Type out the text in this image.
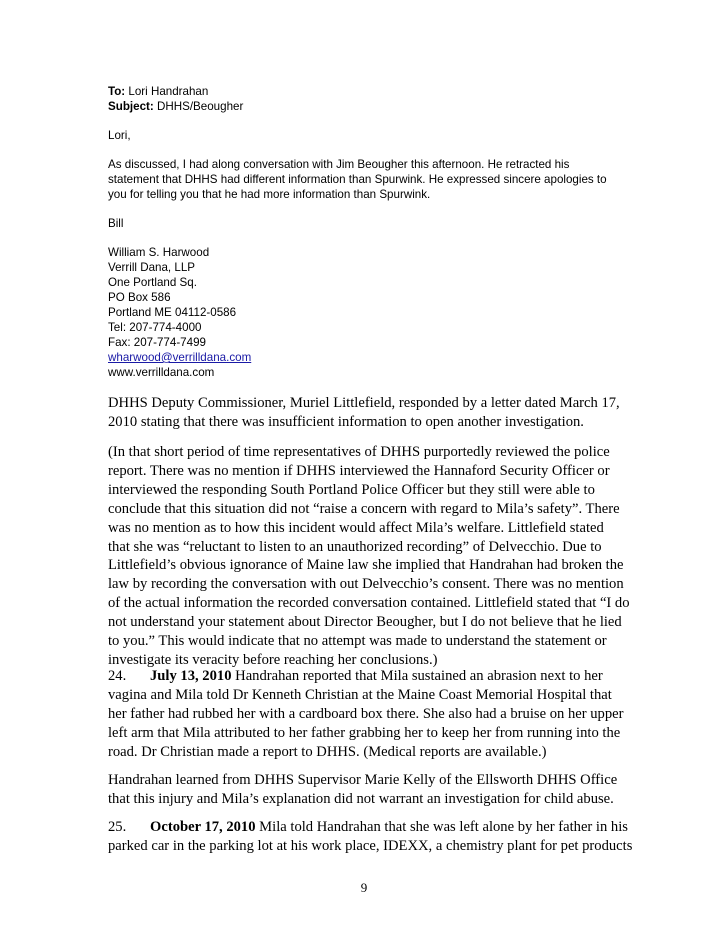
To: Lori Handrahan

Subject: DHHS/Beougher

Lori,

As discussed, I had along conversation with Jim Beougher this afternoon. He retracted his

statement that DHHS had different information than Spurwink. He expressed sincere apologies to

you for telling you that he had more information than Spurwink.

Bill

William S. Harwood

Verrill Dana, LLP

One Portland Sq.

PO Box 586

Portland ME 04112-0586

Tel: 207-774-4000

Fax: 207-774-7499

wharwood@verrilldana.com

www.verrilldana.com

DHHS Deputy Commissioner, Muriel Littlefield, responded by a letter dated March 17,

2010 stating that there was insufficient information to open another investigation.

(In that short period of time representatives of DHHS purportedly reviewed the police

report. There was no mention if DHHS interviewed the Hannaford Security Officer or

interviewed the responding South Portland Police Officer but they still were able to

conclude that this situation did not “raise a concern with regard to Mila’s safety”. There

was no mention as to how this incident would affect Mila’s welfare. Littlefield stated

that she was “reluctant to listen to an unauthorized recording” of Delvecchio. Due to

Littlefield’s obvious ignorance of Maine law she implied that Handrahan had broken the

law by recording the conversation with out Delvecchio’s consent. There was no mention

of the actual information the recorded conversation contained. Littlefield stated that “I do

not understand your statement about Director Beougher, but I do not believe that he lied

to you.” This would indicate that no attempt was made to understand the statement or

investigate its veracity before reaching her conclusions.)

24. July 13, 2010 Handrahan reported that Mila sustained an abrasion next to her

vagina and Mila told Dr Kenneth Christian at the Maine Coast Memorial Hospital that

her father had rubbed her with a cardboard box there. She also had a bruise on her upper

left arm that Mila attributed to her father grabbing her to keep her from running into the

road. Dr Christian made a report to DHHS. (Medical reports are available.)

Handrahan learned from DHHS Supervisor Marie Kelly of the Ellsworth DHHS Office

that this injury and Mila’s explanation did not warrant an investigation for child abuse.

25. October 17, 2010 Mila told Handrahan that she was left alone by her father in his

parked car in the parking lot at his work place, IDEXX, a chemistry plant for pet products

9
